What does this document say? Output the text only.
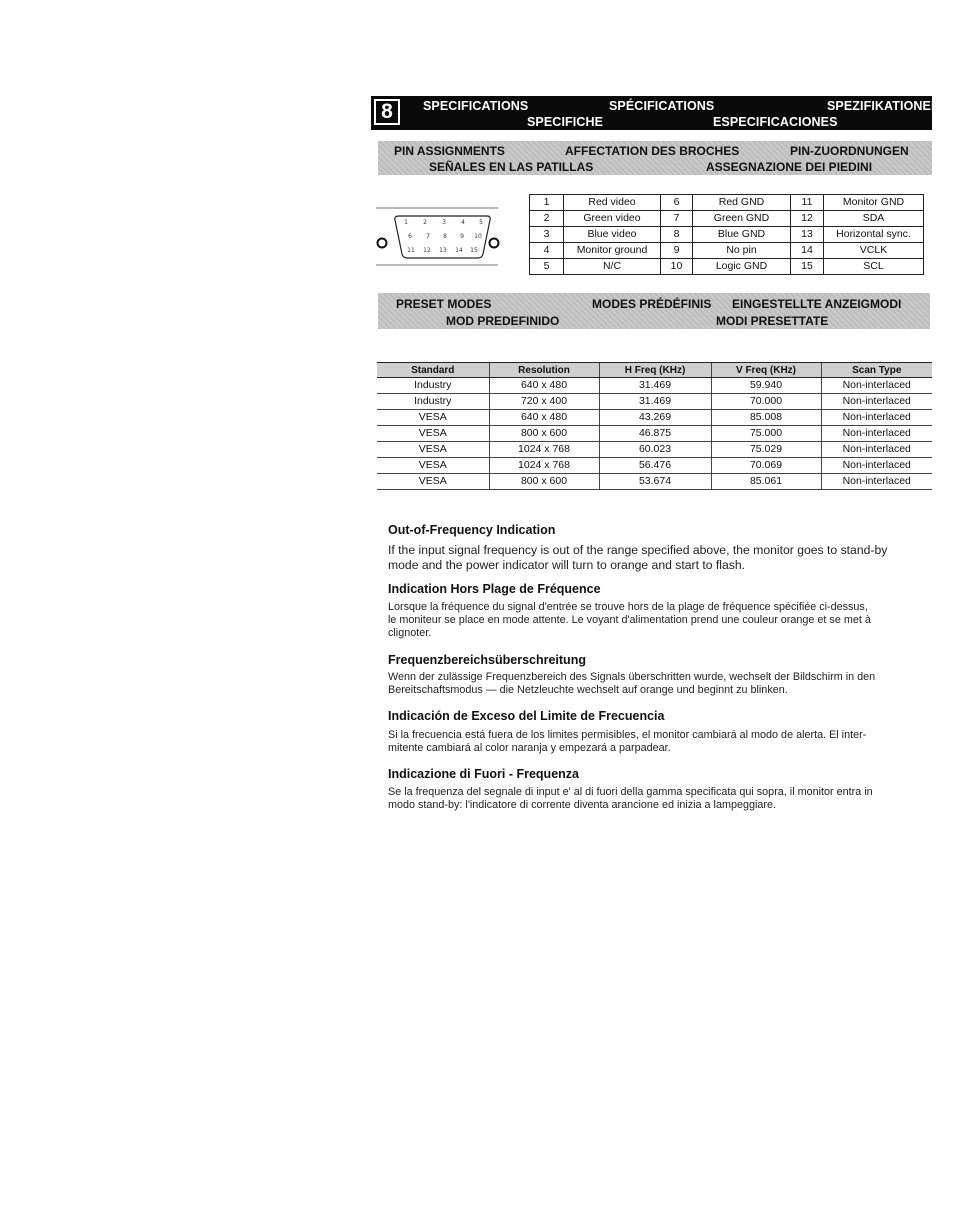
8	SPECIFICATIONS	SPÉCIFICATIONS	SPEZIFIKATIONEN
SPECIFICHE	ESPECIFICACIONES
PIN ASSIGNMENTS	AFFECTATION DES BROCHES	PIN-ZUORDNUNGEN
SEÑALES EN LAS PATILLAS	ASSEGNAZIONE DEI PIEDINI
1	2	3	4 5
6 7 8 9 10
11 12 13 14 15
1	Red video	6	Red GND	11	Monitor GND
2	Green video	7	Green GND	12	SDA
3	Blue video	8	Blue GND	13	Horizontal sync.
4	Monitor ground	9	No pin	14	VCLK
5	N/C	10	Logic GND	15	SCL
PRESET MODES	MODES PRÉDÉFINIS EINGESTELLTE ANZEIGMODI
MOD PREDEFINIDO	MODI PRESETTATE
Standard	Resolution	H Freq (KHz)	V Freq (KHz)	Scan Type
Industry	640 x 480	31.469	59.940	Non-interlaced
Industry	720 x 400	31.469	70.000	Non-interlaced
VESA	640 x 480	43.269	85.008	Non-interlaced
VESA	800 x 600	46.875	75.000	Non-interlaced
VESA	1024 x 768	60.023	75.029	Non-interlaced
VESA	1024 x 768	56.476	70.069	Non-interlaced
VESA	800 x 600	53.674	85.061	Non-interlaced
Out-of-Frequency Indication
If the input signal frequency is out of the range specified above, the monitor goes to stand-by
mode and the power indicator will turn to orange and start to flash.
Indication Hors Plage de Fréquence
Lorsque la fréquence du signal d'entrée se trouve hors de la plage de fréquence spécifiée ci-dessus,
le moniteur se place en mode attente. Le voyant d'alimentation prend une couleur orange et se met à
clignoter.
Frequenzbereichsüberschreitung
Wenn der zulässige Frequenzbereich des Signals überschritten wurde, wechselt der Bildschirm in den
Bereitschaftsmodus — die Netzleuchte wechselt auf orange und beginnt zu blinken.
Indicación de Exceso del Limite de Frecuencia
Si la frecuencia está fuera de los limites permisibles, el monitor cambiará al modo de alerta. El inter-
mitente cambiará al color naranja y empezará a parpadear.
Indicazione di Fuori - Frequenza
Se la frequenza del segnale di input e' al di fuori della gamma specificata qui sopra, il monitor entra in
modo stand-by: l'indicatore di corrente diventa arancione ed inizia a lampeggiare.
